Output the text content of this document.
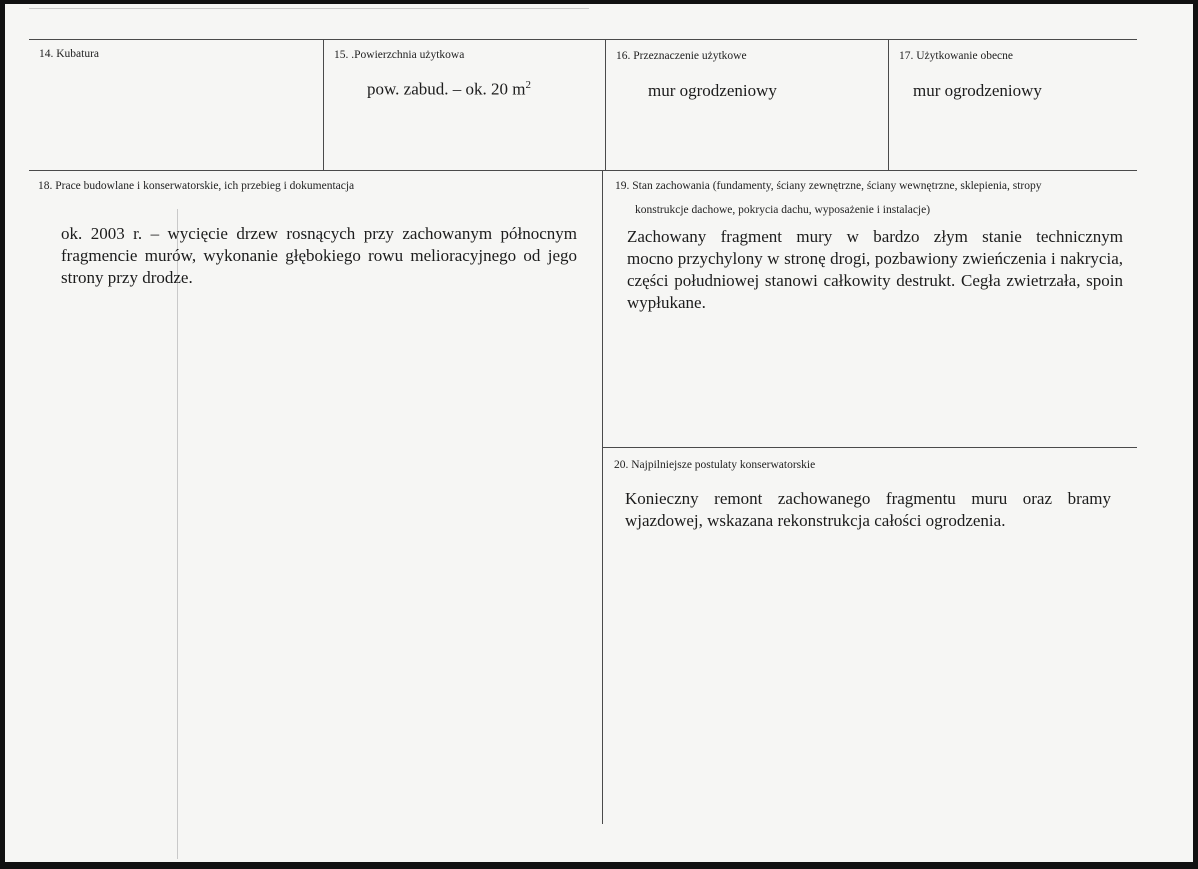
14. Kubatura	15. .Powierzchnia użytkowa
pow. zabud. – ok. 20 $m^2$
16. Przeznaczenie użytkowe
mur ogrodzeniowy
17. Użytkowanie obecne
mur ogrodzeniowy
18. Prace budowlane i konserwatorskie, ich przebieg i dokumentacja
ok. 2003 r. – wycięcie drzew rosnących przy zachowanym północnym
fragmencie murów, wykonanie głębokiego rowu melioracyjnego od jego
strony przy drodze.
19. Stan zachowania (fundamenty, ściany zewnętrzne, ściany wewnętrzne, sklepienia, stropy
konstrukcje dachowe, pokrycia dachu, wyposażenie i instalacje)
Zachowany fragment mury w bardzo złym stanie technicznym
mocno przychylony w stronę drogi, pozbawiony zwieńczenia i nakrycia,
części południowej stanowi całkowity destrukt. Cegła zwietrzała, spoin
wypłukane.
20. Najpilniejsze postulaty konserwatorskie
Konieczny remont zachowanego fragmentu muru oraz bramy
wjazdowej, wskazana rekonstrukcja całości ogrodzenia.
